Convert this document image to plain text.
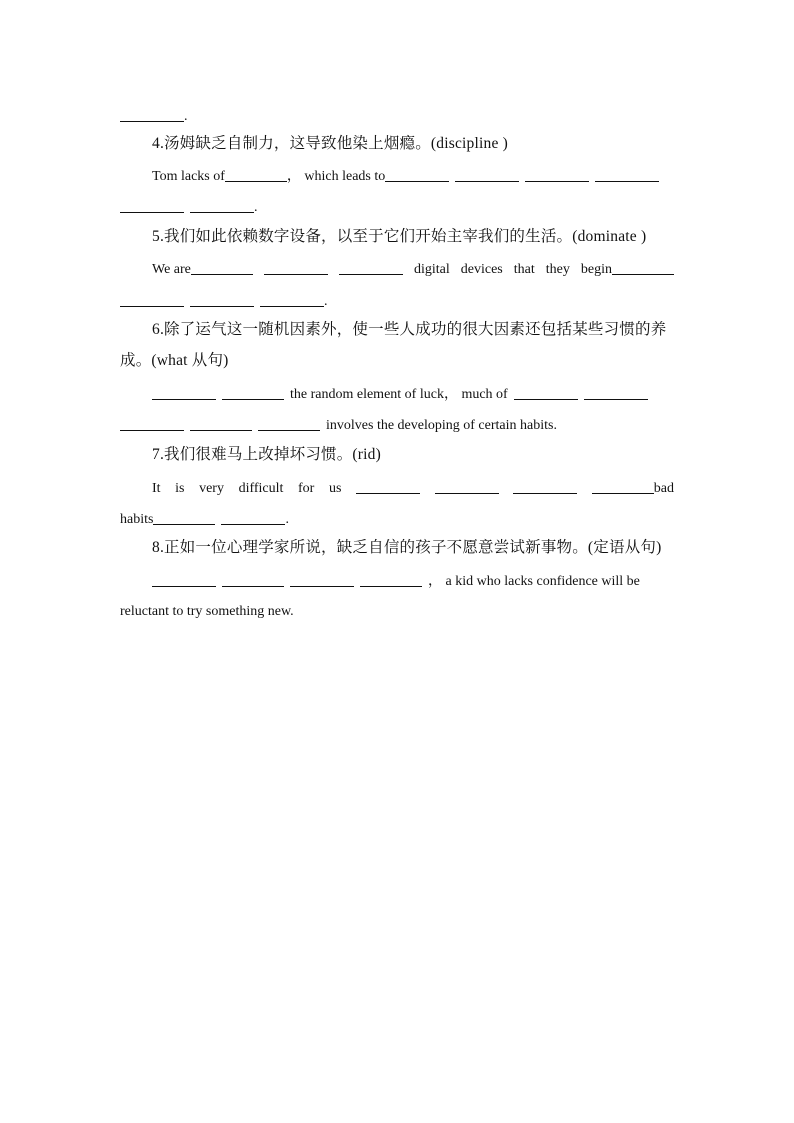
.
4.汤姆缺乏自制力，这导致他染上烟瘾。(discipline )
Tom lacks of	， which leads to
.
5.我们如此依赖数字设备，以至于它们开始主宰我们的生活。(dominate )
We are	digital devices that they begin
.
6.除了运气这一随机因素外，使一些人成功的很大因素还包括某些习惯的养
成。(what 从句)
the random element of luck， much of
involves the developing of certain habits.
7.我们很难马上改掉坏习惯。(rid)
It is very difficult for us	bad
habits	.
8.正如一位心理学家所说，缺乏自信的孩子不愿意尝试新事物。(定语从句)
， a kid who lacks confidence will be
reluctant to try something new.
